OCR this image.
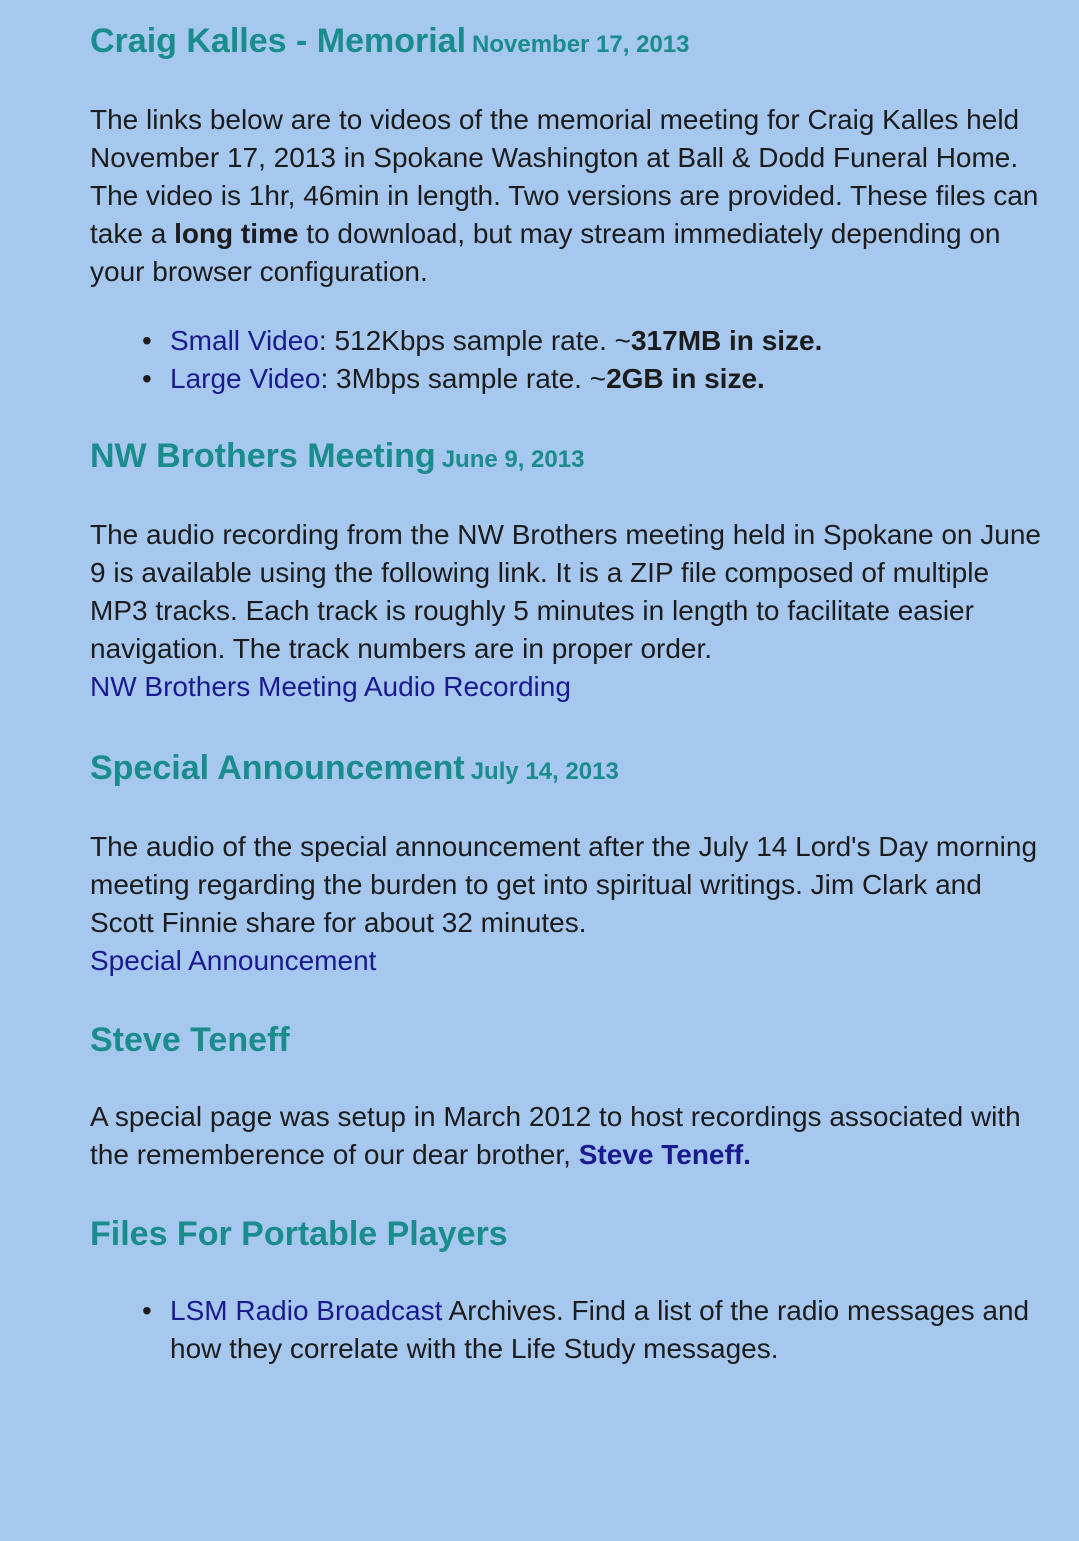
Craig Kalles - Memorial November 17, 2013

The links below are to videos of the memorial meeting for Craig Kalles held November 17, 2013 in Spokane Washington at Ball & Dodd Funeral Home. The video is 1hr, 46min in length. Two versions are provided. These files can take a long time to download, but may stream immediately depending on your browser configuration.

• Small Video: 512Kbps sample rate. ~317MB in size.
• Large Video: 3Mbps sample rate. ~2GB in size.
NW Brothers Meeting June 9, 2013

The audio recording from the NW Brothers meeting held in Spokane on June 9 is available using the following link. It is a ZIP file composed of multiple MP3 tracks. Each track is roughly 5 minutes in length to facilitate easier navigation. The track numbers are in proper order.
NW Brothers Meeting Audio Recording

Special Announcement July 14, 2013

The audio of the special announcement after the July 14 Lord's Day morning meeting regarding the burden to get into spiritual writings. Jim Clark and Scott Finnie share for about 32 minutes.
Special Announcement

Steve Teneff

A special page was setup in March 2012 to host recordings associated with the rememberence of our dear brother, Steve Teneff.

Files For Portable Players
• LSM Radio Broadcast Archives. Find a list of the radio messages and how they correlate with the Life Study messages.
